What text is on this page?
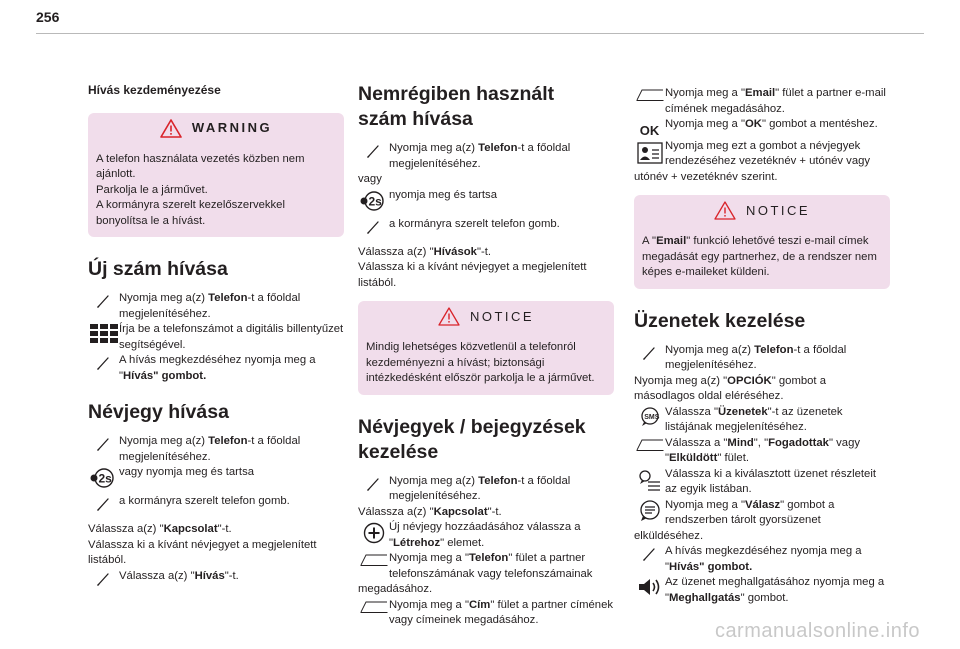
256
Hívás kezdeményezése
WARNING

A telefon használata vezetés közben nem

ajánlott.

Parkolja le a járművet.

A kormányra szerelt kezelőszervekkel

bonyolítsa le a hívást.

Új szám hívása
Nyomja meg a(z) Telefon-t a főoldal megjelenítéséhez.
Írja be a telefonszámot a digitális billentyűzet segítségével.
A hívás megkezdéséhez nyomja meg a "Hívás" gombot.
Névjegy hívása
Nyomja meg a(z) Telefon-t a főoldal megjelenítéséhez.
2s vagy nyomja meg és tartsa
a kormányra szerelt telefon gomb.

Válassza a(z) "Kapcsolat"-t.

Válassza ki a kívánt névjegyet a megjelenített listából.

Válassza a(z) "Hívás"-t.
Nemrégiben használt szám hívása
Nyomja meg a(z) Telefon-t a főoldal megjelenítéséhez.

vagy

2s nyomja meg és tartsa
a kormányra szerelt telefon gomb.

Válassza a(z) "Hívások"-t.

Válassza ki a kívánt névjegyet a megjelenített listából.

NOTICE

Mindig lehetséges közvetlenül a telefonról

kezdeményezni a hívást; biztonsági

intézkedésként először parkolja le a járművet.

Névjegyek / bejegyzések kezelése
Nyomja meg a(z) Telefon-t a főoldal megjelenítéséhez.

Válassza a(z) "Kapcsolat"-t.

Új névjegy hozzáadásához válassza a "Létrehoz" elemet.
Nyomja meg a "Telefon" fület a partner telefonszámának vagy telefonszámainak

megadásához.

Nyomja meg a "Cím" fület a partner címének vagy címeinek megadásához.
Nyomja meg a "Email" fület a partner e-mail címének megadásához.
OK Nyomja meg a "OK" gombot a mentéshez.
Nyomja meg ezt a gombot a névjegyek rendezéséhez vezetéknév + utónév vagy

utónév + vezetéknév szerint.

NOTICE

A "Email" funkció lehetővé teszi e-mail címek megadását egy partnerhez, de a rendszer nem képes e-maileket küldeni.

Üzenetek kezelése
Nyomja meg a(z) Telefon-t a főoldal megjelenítéséhez.

Nyomja meg a(z) "OPCIÓK" gombot a másodlagos oldal eléréséhez.

SMS Válassza "Üzenetek"-t az üzenetek listájának megjelenítéséhez.
Válassza a "Mind", "Fogadottak" vagy "Elküldött" fület.
Válassza ki a kiválasztott üzenet részleteit az egyik listában.
Nyomja meg a "Válasz" gombot a rendszerben tárolt gyorsüzenet

elküldéséhez.

A hívás megkezdéséhez nyomja meg a "Hívás" gombot.
Az üzenet meghallgatásához nyomja meg a "Meghallgatás" gombot.
carmanualsonline.info
